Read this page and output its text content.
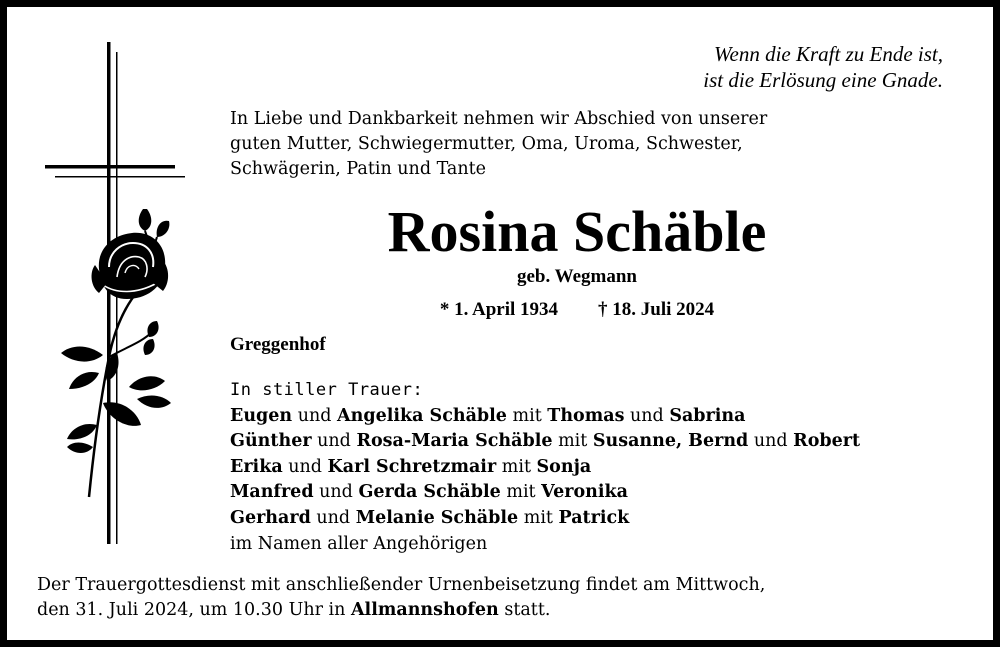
Wenn die Kraft zu Ende ist,
ist die Erlösung eine Gnade.
In Liebe und Dankbarkeit nehmen wir Abschied von unserer
guten Mutter, Schwiegermutter, Oma, Uroma, Schwester,
Schwägerin, Patin und Tante
Rosina Schäble
geb. Wegmann
* 1. April 1934 † 18. Juli 2024
Greggenhof
In stiller Trauer:
Eugen und Angelika Schäble mit Thomas und Sabrina
Günther und Rosa-Maria Schäble mit Susanne, Bernd und Robert
Erika und Karl Schretzmair mit Sonja
Manfred und Gerda Schäble mit Veronika
Gerhard und Melanie Schäble mit Patrick
im Namen aller Angehörigen
Der Trauergottesdienst mit anschließender Urnenbeisetzung findet am Mittwoch,
den 31. Juli 2024, um 10.30 Uhr in Allmannshofen statt.
